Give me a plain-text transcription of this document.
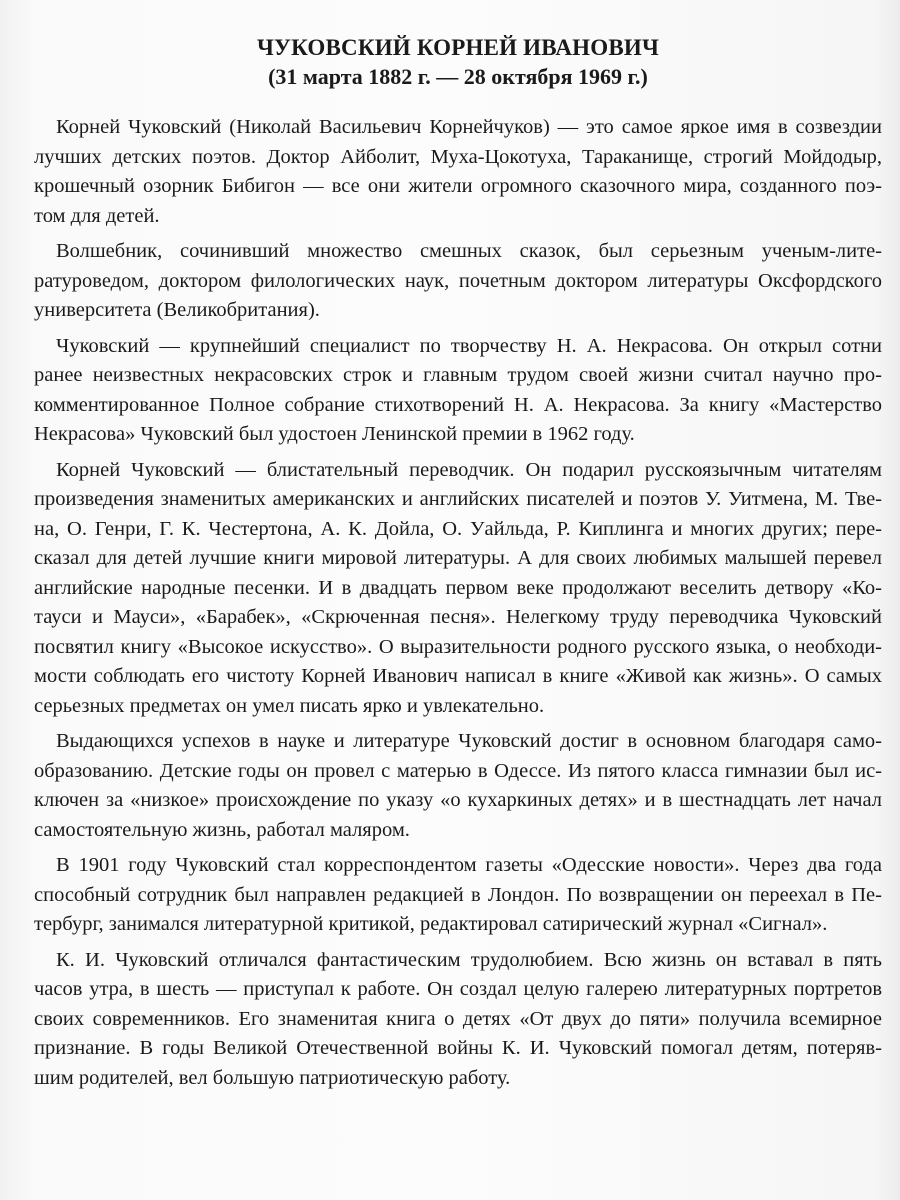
ЧУКОВСКИЙ КОРНЕЙ ИВАНОВИЧ
(31 марта 1882 г. — 28 октября 1969 г.)

Корней Чуковский (Николай Васильевич Корнейчуков) — это самое яркое имя в созвездии
лучших детских поэтов. Доктор Айболит, Муха-Цокотуха, Тараканище, строгий Мойдодыр,
крошечный озорник Бибигон — все они жители огромного сказочного мира, созданного поэ-
том для детей.

Волшебник, сочинивший множество смешных сказок, был серьезным ученым-литe-
ратуроведом, доктором филологических наук, почетным доктором литературы Оксфордского
университета (Великобритания).

Чуковский — крупнейший специалист по творчеству Н. А. Некрасова. Он открыл сотни
ранее неизвестных некрасовских строк и главным трудом своей жизни считал научно про-
комментированное Полное собрание стихотворений Н. А. Некрасова. За книгу «Мастерство
Некрасова» Чуковский был удостоен Ленинской премии в 1962 году.

Корней Чуковский — блистательный переводчик. Он подарил русскоязычным читателям
произведения знаменитых американских и английских писателей и поэтов У. Уитмена, М. Тве-
на, О. Генри, Г. К. Честертона, А. К. Дойла, О. Уайльда, Р. Киплинга и многих других; пере-
сказал для детей лучшие книги мировой литературы. А для своих любимых малышей перевел
английские народные песенки. И в двадцать первом веке продолжают веселить детвору «Ко-
тауси и Мауси», «Барабек», «Скрюченная песня». Нелегкому труду переводчика Чуковский
посвятил книгу «Высокое искусство». О выразительности родного русского языка, о необходи-
мости соблюдать его чистоту Корней Иванович написал в книге «Живой как жизнь». О самых
серьезных предметах он умел писать ярко и увлекательно.

Выдающихся успехов в науке и литературе Чуковский достиг в основном благодаря само-
образованию. Детские годы он провел с матерью в Одессе. Из пятого класса гимназии был ис-
ключен за «низкое» происхождение по указу «о кухаркиных детях» и в шестнадцать лет начал
самостоятельную жизнь, работал маляром.

В 1901 году Чуковский стал корреспондентом газеты «Одесские новости». Через два года
способный сотрудник был направлен редакцией в Лондон. По возвращении он переехал в Пе-
тербург, занимался литературной критикой, редактировал сатирический журнал «Сигнал».

К. И. Чуковский отличался фантастическим трудолюбием. Всю жизнь он вставал в пять
часов утра, в шесть — приступал к работе. Он создал целую галерею литературных портретов
своих современников. Его знаменитая книга о детях «От двух до пяти» получила всемирное
признание. В годы Великой Отечественной войны К. И. Чуковский помогал детям, потеряв-
шим родителей, вел большую патриотическую работу.
